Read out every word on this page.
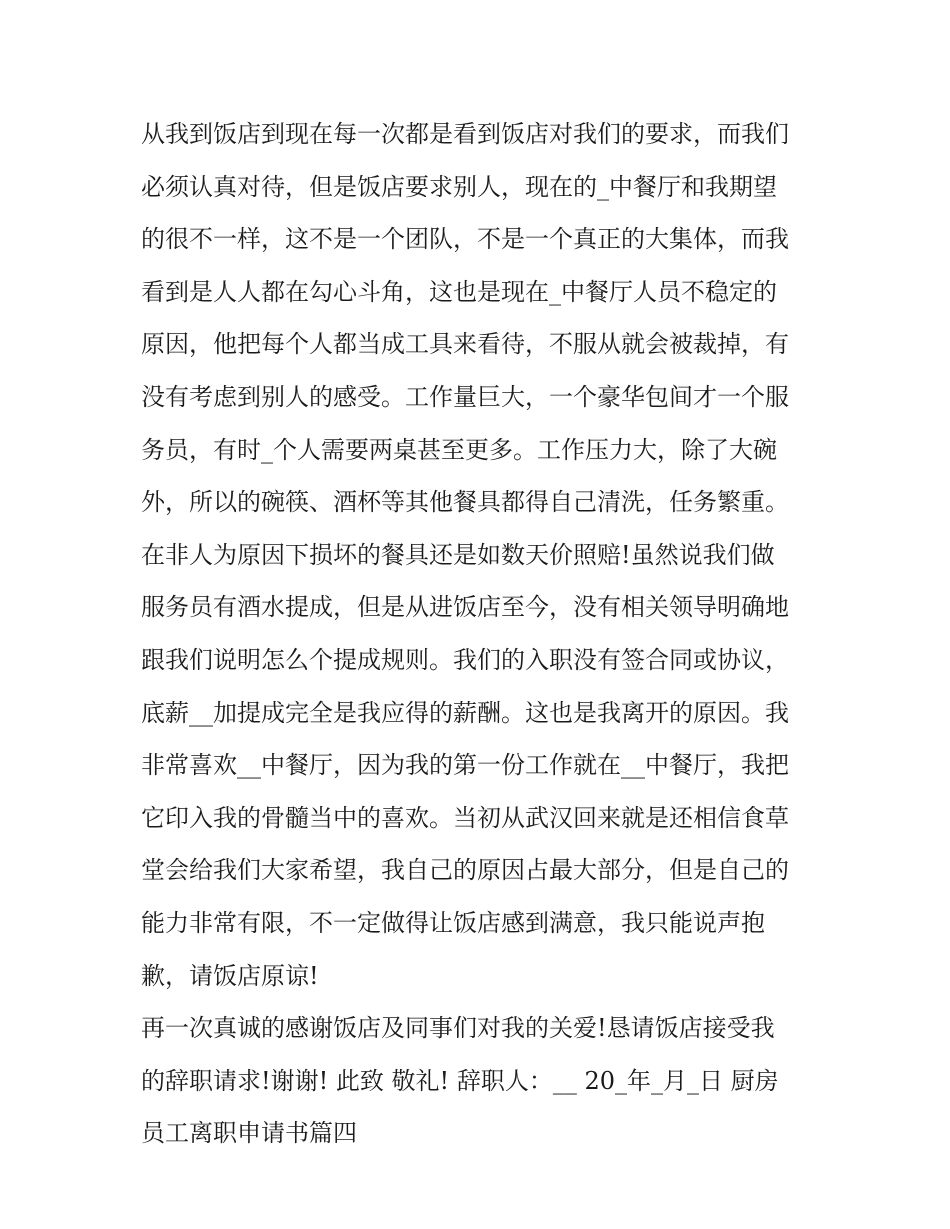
从我到饭店到现在每一次都是看到饭店对我们的要求，而我们
必须认真对待，但是饭店要求别人，现在的_中餐厅和我期望
的很不一样，这不是一个团队，不是一个真正的大集体，而我
看到是人人都在勾心斗角，这也是现在_中餐厅人员不稳定的
原因，他把每个人都当成工具来看待，不服从就会被裁掉，有
没有考虑到别人的感受。工作量巨大，一个豪华包间才一个服
务员，有时_个人需要两桌甚至更多。工作压力大，除了大碗
外，所以的碗筷、酒杯等其他餐具都得自己清洗，任务繁重。
在非人为原因下损坏的餐具还是如数天价照赔!虽然说我们做
服务员有酒水提成，但是从进饭店至今，没有相关领导明确地
跟我们说明怎么个提成规则。我们的入职没有签合同或协议，
底薪__加提成完全是我应得的薪酬。这也是我离开的原因。我
非常喜欢__中餐厅，因为我的第一份工作就在__中餐厅，我把
它印入我的骨髓当中的喜欢。当初从武汉回来就是还相信食草
堂会给我们大家希望，我自己的原因占最大部分，但是自己的
能力非常有限，不一定做得让饭店感到满意，我只能说声抱
歉，请饭店原谅!
再一次真诚的感谢饭店及同事们对我的关爱!恳请饭店接受我
的辞职请求!谢谢! 此致 敬礼! 辞职人：__ 20_年_月_日 厨房
员工离职申请书篇四
